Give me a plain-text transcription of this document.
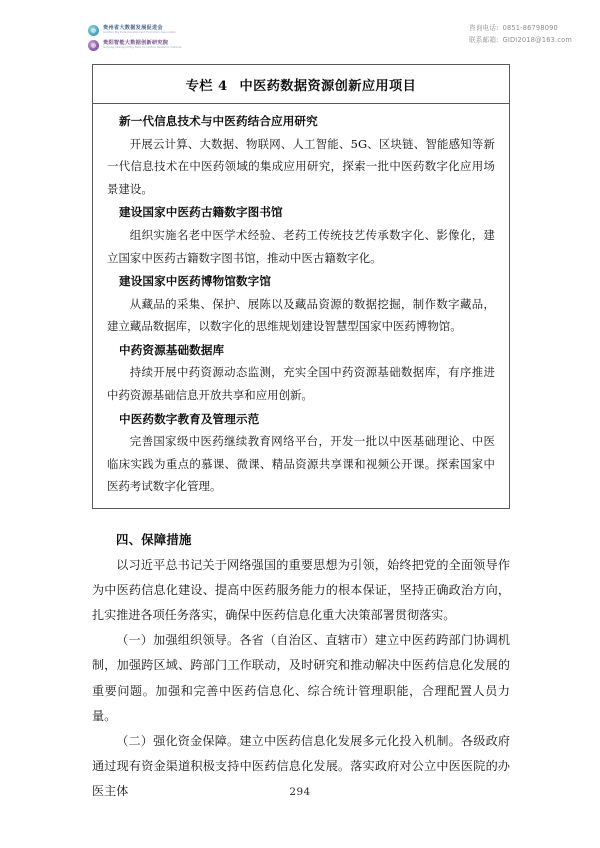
贵州省大数据发展促进会
Guizhou Big Data Development Promotion Association
贵阳智能大数据创新研究院
Guiyang Intelligent Big Data Innovation Research Institute
咨询电话: 0851-86798090
联系邮箱: GIDI2018@163.com
专栏 4 中医药数据资源创新应用项目
新一代信息技术与中医药结合应用研究

开展云计算、大数据、物联网、人工智能、5G、区块链、智能感知等新一代信息技术在中医药领域的集成应用研究，探索一批中医药数字化应用场景建设。

建设国家中医药古籍数字图书馆

组织实施名老中医学术经验、老药工传统技艺传承数字化、影像化，建立国家中医药古籍数字图书馆，推动中医古籍数字化。

建设国家中医药博物馆数字馆

从藏品的采集、保护、展陈以及藏品资源的数据挖掘，制作数字藏品，建立藏品数据库，以数字化的思维规划建设智慧型国家中医药博物馆。

中药资源基础数据库

持续开展中药资源动态监测，充实全国中药资源基础数据库，有序推进中药资源基础信息开放共享和应用创新。

中医药数字教育及管理示范

完善国家级中医药继续教育网络平台，开发一批以中医基础理论、中医临床实践为重点的慕课、微课、精品资源共享课和视频公开课。探索国家中医药考试数字化管理。

四、保障措施

以习近平总书记关于网络强国的重要思想为引领，始终把党的全面领导作为中医药信息化建设、提高中医药服务能力的根本保证，坚持正确政治方向，扎实推进各项任务落实，确保中医药信息化重大决策部署贯彻落实。

（一）加强组织领导。各省（自治区、直辖市）建立中医药跨部门协调机制，加强跨区域、跨部门工作联动，及时研究和推动解决中医药信息化发展的重要问题。加强和完善中医药信息化、综合统计管理职能，合理配置人员力量。

（二）强化资金保障。建立中医药信息化发展多元化投入机制。各级政府通过现有资金渠道积极支持中医药信息化发展。落实政府对公立中医医院的办医主体	294
